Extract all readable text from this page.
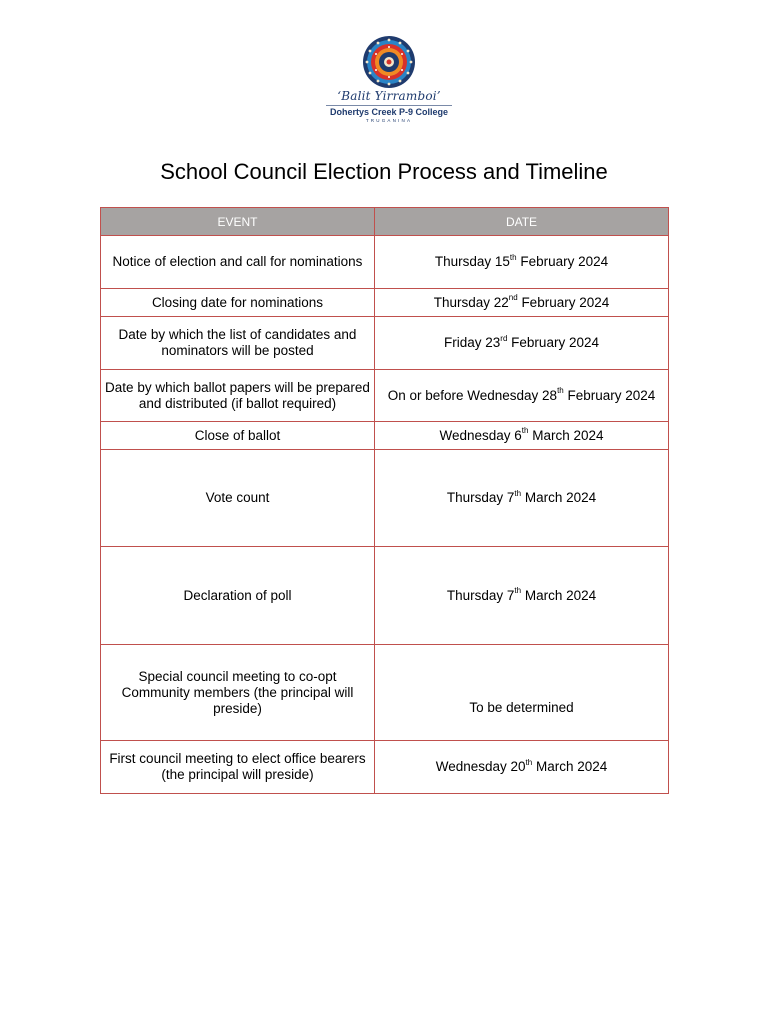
‘Balit Yirramboi’
Dohertys Creek P-9 College
TRUGANINA
School Council Election Process and Timeline
EVENT	DATE
Notice of election and call for nominations	Thursday 15th February 2024
Closing date for nominations	Thursday 22nd February 2024
Date by which the list of candidates and nominators will be posted	Friday 23rd February 2024
Date by which ballot papers will be prepared and distributed (if ballot required)	On or before Wednesday 28th February 2024
Close of ballot	Wednesday 6th March 2024
Vote count	Thursday 7th March 2024
Declaration of poll	Thursday 7th March 2024
Special council meeting to co-opt Community members (the principal will preside)	To be determined
First council meeting to elect office bearers (the principal will preside)	Wednesday 20th March 2024
